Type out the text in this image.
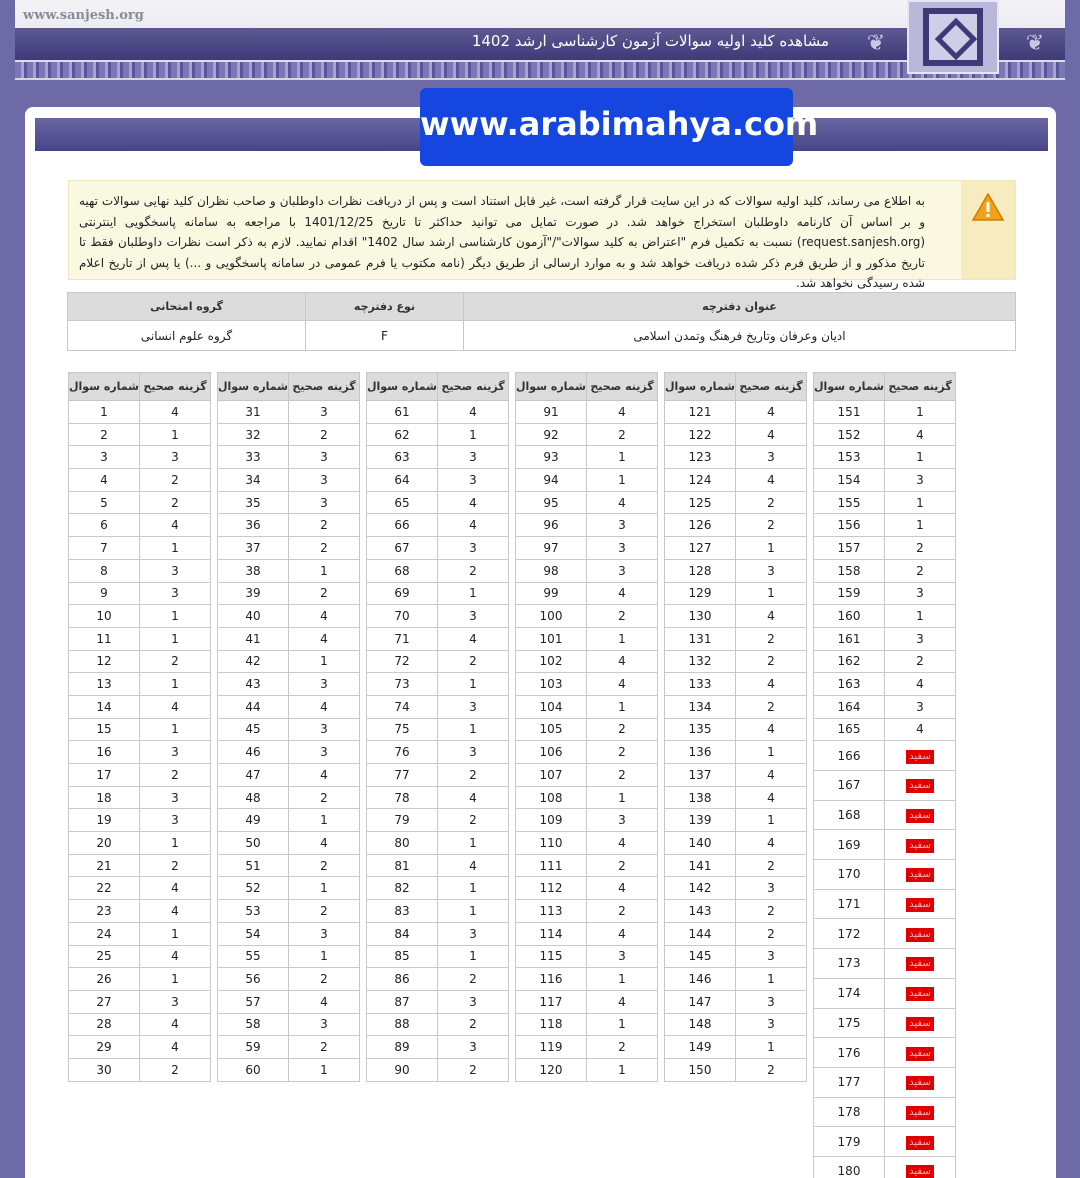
www.sanjesh.org
❦	❦
مشاهده کلید اولیه سوالات آزمون کارشناسی ارشد 1402
www.arabimahya.com
به اطلاع می رساند، کلید اولیه سوالات که در این سایت قرار گرفته است، غیر قابل استناد است و پس از دریافت نظرات داوطلبان و صاحب نظران کلید نهایی سوالات تهیه و بر اساس آن کارنامه داوطلبان استخراج خواهد شد. در صورت تمایل می توانید حداکثر تا تاریخ 1401/12/25 با مراجعه به سامانه پاسخگویی اینترنتی (request.sanjesh.org) نسبت به تکمیل فرم "اعتراض به کلید سوالات"/"آزمون کارشناسی ارشد سال 1402" اقدام نمایید. لازم به ذکر است نظرات داوطلبان فقط تا تاریخ مذکور و از طریق فرم ذکر شده دریافت خواهد شد و به موارد ارسالی از طریق دیگر (نامه مکتوب یا فرم عمومی در سامانه پاسخگویی و ...) یا پس از تاریخ اعلام شده رسیدگی نخواهد شد.
عنوان دفترچه	نوع دفترچه	گروه امتحانی
ادیان وعرفان وتاریخ فرهنگ وتمدن اسلامی	F	گروه علوم انسانی
شماره سوال	گزینه صحیح
1	4
2	1
3	3
4	2
5	2
6	4
7	1
8	3
9	3
10	1
11	1
12	2
13	1
14	4
15	1
16	3
17	2
18	3
19	3
20	1
21	2
22	4
23	4
24	1
25	4
26	1
27	3
28	4
29	4
30	2
شماره سوال	گزینه صحیح
31	3
32	2
33	3
34	3
35	3
36	2
37	2
38	1
39	2
40	4
41	4
42	1
43	3
44	4
45	3
46	3
47	4
48	2
49	1
50	4
51	2
52	1
53	2
54	3
55	1
56	2
57	4
58	3
59	2
60	1
شماره سوال	گزینه صحیح
61	4
62	1
63	3
64	3
65	4
66	4
67	3
68	2
69	1
70	3
71	4
72	2
73	1
74	3
75	1
76	3
77	2
78	4
79	2
80	1
81	4
82	1
83	1
84	3
85	1
86	2
87	3
88	2
89	3
90	2
شماره سوال	گزینه صحیح
91	4
92	2
93	1
94	1
95	4
96	3
97	3
98	3
99	4
100	2
101	1
102	4
103	4
104	1
105	2
106	2
107	2
108	1
109	3
110	4
111	2
112	4
113	2
114	4
115	3
116	1
117	4
118	1
119	2
120	1
شماره سوال	گزینه صحیح
121	4
122	4
123	3
124	4
125	2
126	2
127	1
128	3
129	1
130	4
131	2
132	2
133	4
134	2
135	4
136	1
137	4
138	4
139	1
140	4
141	2
142	3
143	2
144	2
145	3
146	1
147	3
148	3
149	1
150	2
شماره سوال	گزینه صحیح
151	1
152	4
153	1
154	3
155	1
156	1
157	2
158	2
159	3
160	1
161	3
162	2
163	4
164	3
165	4
166	سفید
167	سفید
168	سفید
169	سفید
170	سفید
171	سفید
172	سفید
173	سفید
174	سفید
175	سفید
176	سفید
177	سفید
178	سفید
179	سفید
180	سفید
